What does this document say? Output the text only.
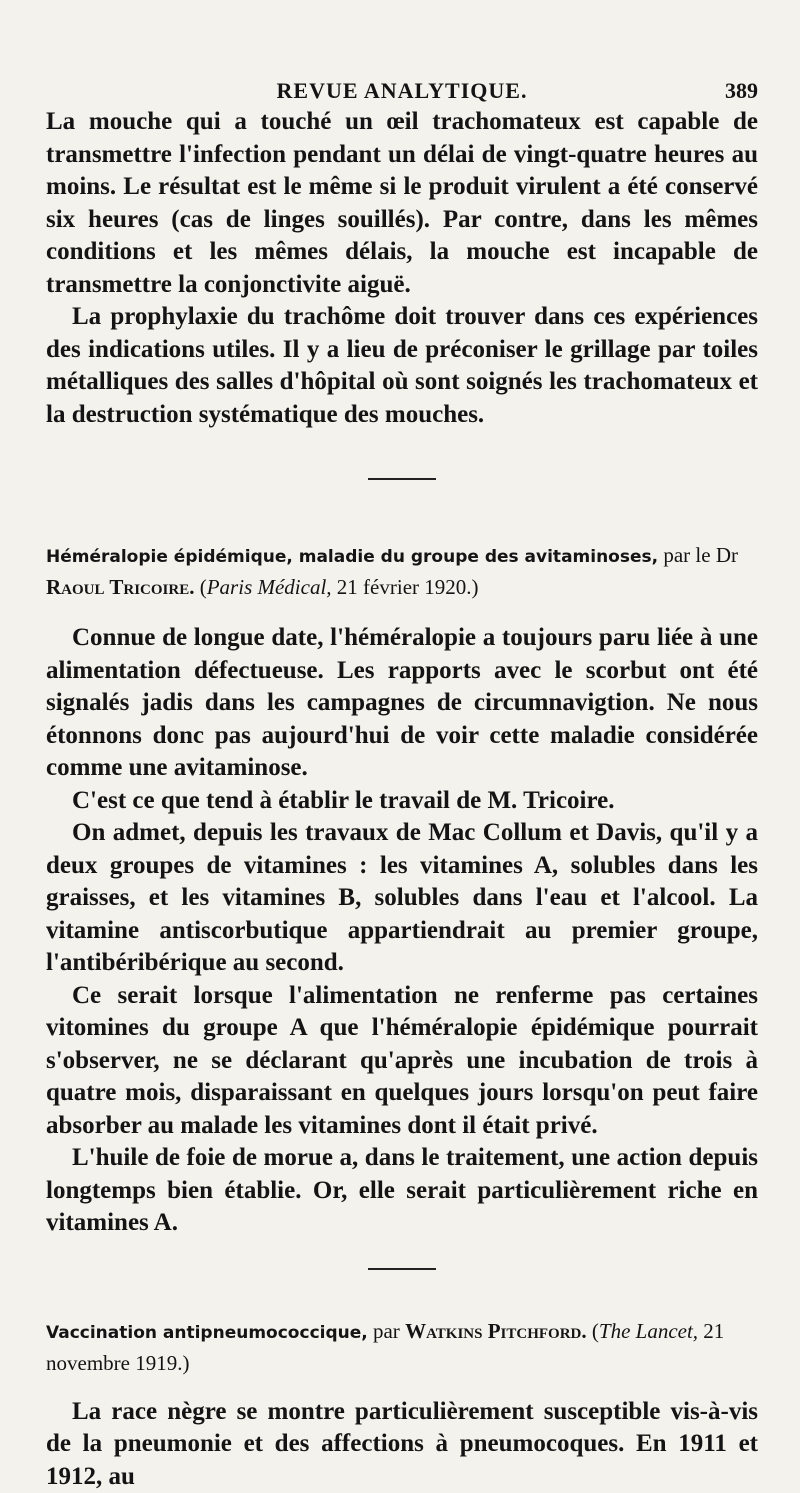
REVUE ANALYTIQUE.	389

La mouche qui a touché un œil trachomateux est capable de transmettre l'infection pendant un délai de vingt-quatre heures au moins. Le résultat est le même si le produit virulent a été conservé six heures (cas de linges souillés). Par contre, dans les mêmes conditions et les mêmes délais, la mouche est incapable de transmettre la conjonctivite aiguë.

La prophylaxie du trachôme doit trouver dans ces expériences des indications utiles. Il y a lieu de préconiser le grillage par toiles métalliques des salles d'hôpital où sont soignés les trachomateux et la destruction systématique des mouches.

Héméralopie épidémique, maladie du groupe des avitaminoses, par le Dr Raoul Tricoire. (Paris Médical, 21 février 1920.)

Connue de longue date, l'héméralopie a toujours paru liée à une alimentation défectueuse. Les rapports avec le scorbut ont été signalés jadis dans les campagnes de circumnavigtion. Ne nous étonnons donc pas aujourd'hui de voir cette maladie considérée comme une avitaminose.

C'est ce que tend à établir le travail de M. Tricoire.

On admet, depuis les travaux de Mac Collum et Davis, qu'il y a deux groupes de vitamines : les vitamines A, solubles dans les graisses, et les vitamines B, solubles dans l'eau et l'alcool. La vitamine antiscorbutique appartiendrait au premier groupe, l'antibéribérique au second.

Ce serait lorsque l'alimentation ne renferme pas certaines vitomines du groupe A que l'héméralopie épidémique pourrait s'observer, ne se déclarant qu'après une incubation de trois à quatre mois, disparaissant en quelques jours lorsqu'on peut faire absorber au malade les vitamines dont il était privé.

L'huile de foie de morue a, dans le traitement, une action depuis longtemps bien établie. Or, elle serait particulièrement riche en vitamines A.

Vaccination antipneumococcique, par Watkins Pitchford. (The Lancet, 21 novembre 1919.)

La race nègre se montre particulièrement susceptible vis-à-vis de la pneumonie et des affections à pneumocoques. En 1911 et 1912, au
